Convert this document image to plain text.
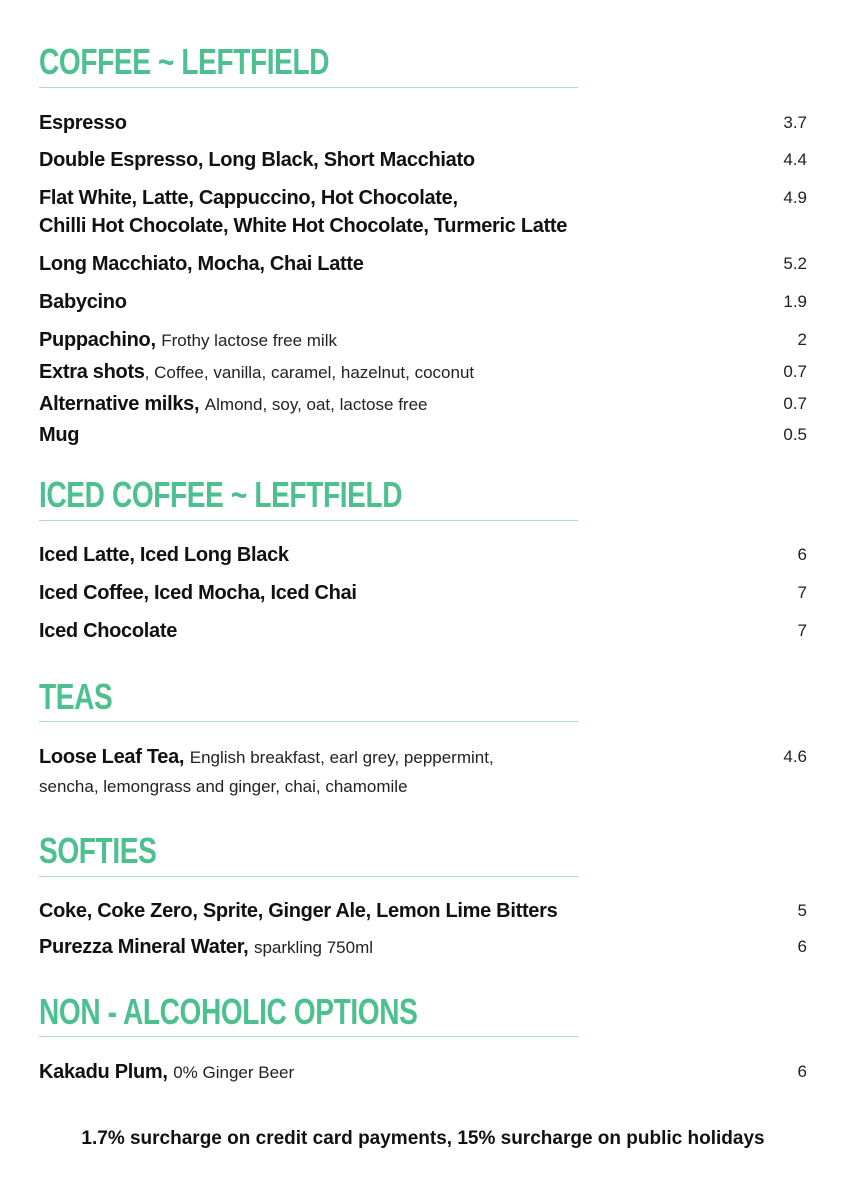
COFFEE ~ LEFTFIELD
Espresso	3.7
Double Espresso, Long Black, Short Macchiato	4.4
Flat White, Latte, Cappuccino, Hot Chocolate,
Chilli Hot Chocolate, White Hot Chocolate, Turmeric Latte
4.9
Long Macchiato, Mocha, Chai Latte	5.2
Babycino	1.9
Puppachino, Frothy lactose free milk	2
Extra shots, Coffee, vanilla, caramel, hazelnut, coconut	0.7
Alternative milks, Almond, soy, oat, lactose free	0.7
Mug	0.5
ICED COFFEE ~ LEFTFIELD
Iced Latte, Iced Long Black	6
Iced Coffee, Iced Mocha, Iced Chai	7
Iced Chocolate	7
TEAS
Loose Leaf Tea, English breakfast, earl grey, peppermint,
sencha, lemongrass and ginger, chai, chamomile
4.6
SOFTIES
Coke, Coke Zero, Sprite, Ginger Ale, Lemon Lime Bitters	5
Purezza Mineral Water, sparkling 750ml	6
NON - ALCOHOLIC OPTIONS
Kakadu Plum, 0% Ginger Beer	6
1.7% surcharge on credit card payments, 15% surcharge on public holidays
